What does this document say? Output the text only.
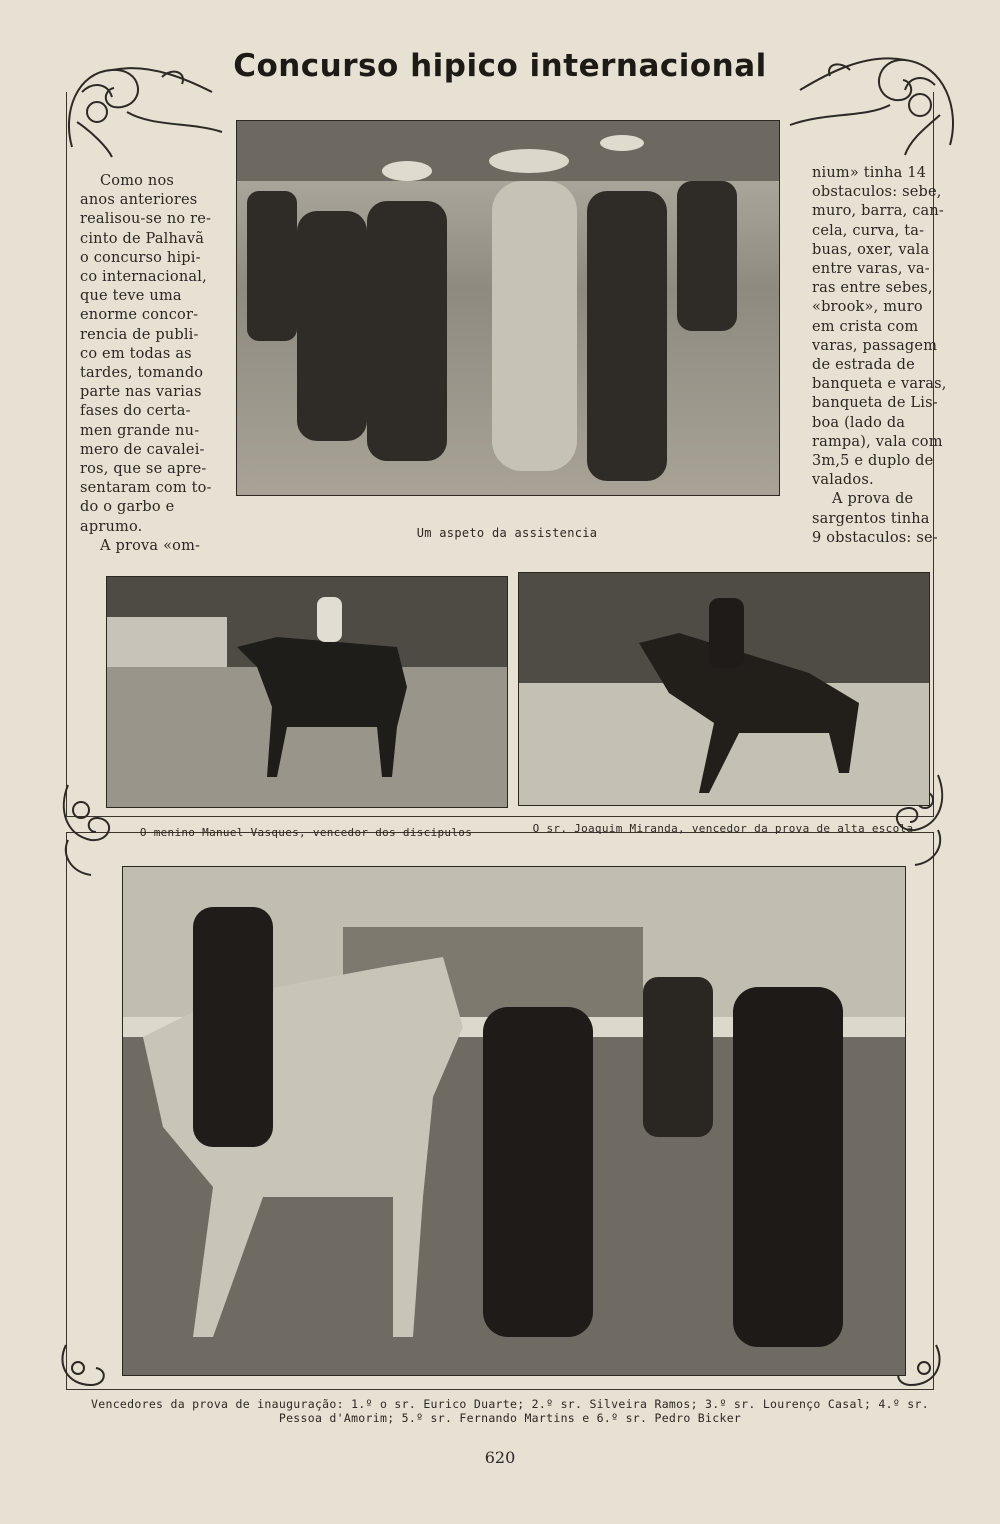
Concurso hipico internacional
Como nos
anos anteriores
realisou-se no re-
cinto de Palhavã
o concurso hipi-
co internacional,
que teve uma
enorme concor-
rencia de publi-
co em todas as
tardes, tomando
parte nas varias
fases do certa-
men grande nu-
mero de cavalei-
ros, que se apre-
sentaram com to-
do o garbo e
aprumo.
A prova «om-
Um aspeto da assistencia
nium» tinha 14
obstaculos: sebe,
muro, barra, can-
cela, curva, ta-
buas, oxer, vala
entre varas, va-
ras entre sebes,
«brook», muro
em crista com
varas, passagem
de estrada de
banqueta e varas,
banqueta de Lis-
boa (lado da
rampa), vala com
3m,5 e duplo de
valados.
A prova de
sargentos tinha
9 obstaculos: se-
O menino Manuel Vasques, vencedor dos discipulos	O sr. Joaquim Miranda, vencedor da prova de alta escola
Vencedores da prova de inauguração: 1.º o sr. Eurico Duarte; 2.º sr. Silveira Ramos; 3.º sr. Lourenço Casal; 4.º sr.
Pessoa d'Amorim; 5.º sr. Fernando Martins e 6.º sr. Pedro Bicker
620
